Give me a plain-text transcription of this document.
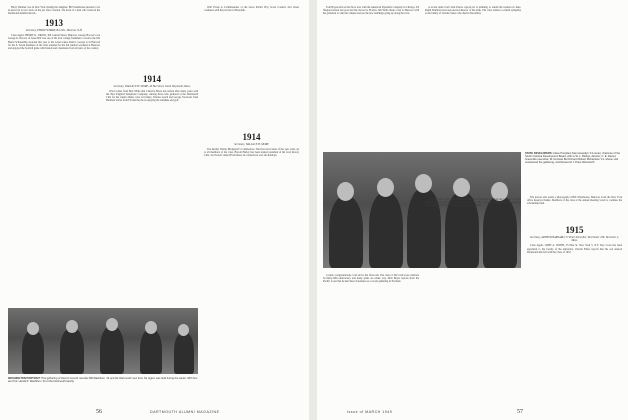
Harry Wantner was in New York visiting his daughter. Bill Waterhouse phoned to let us know he is now back on the job after vacation. We learn of a man who received the Dartmouth Alumni Award...

1913
Secretary, PHILIP WHARF, Box 601, Hanover, N.H.

Class Agent, HENRY K. URION, 300 Central Street, Hanover. George Hoover's son George K. Hoover of Jones Hill was one of the four college freshmen to receive the Jim Heard Scholarship awarded this year to the Great Lakes district. George is in Harvard for the X. Seven members of the class returned for the fall reunion weekend at Hanover and enjoyed the football game with friends and classmates from all parts of the country.

1914
Secretary, WALLACE H. MORE, 40 Bar Street, South Weymouth, Mass.

Word comes from Bert White that Clarence Bruce has retired after many years with the New England Telephone Company. Among those who gathered at the Dartmouth Club for the winter dinner were Al Gilkey, Charles Leach and George Swoboda. Paul Hartman writes from Florida that he is enjoying the sunshine and golf.

Walt Evans is Commissioner of the Great Pacific Boy Scout Council. Doc Kiser continues with his practice in Honolulu.

1914
Secretary, WALLACE H. MORE

The Reader Wallis, Bridgeport's Commodore. The first news letter of the year went out to all members of the class. Harold Harley has been named president of his local Rotary Club. Joe Everett visited Fred Moses in Connecticut over the holidays.

WASHINGTON PORTRAIT: This gathering of Alumni Council member Bill Washburn '14 and the Dartmouth men from his region was held during the winter. With him are Prof. Harold F. Washburn '10 of the Dartmouth faculty.
56	DARTMOUTH ALUMNI MAGAZINE

Tom Hayes tells us that he is now with the American Dyestuffs Company in Chicago. Ed Shepard retired last year and has moved to Florida. Jim Wells made a trip to Hanover with his grandson to visit the campus and see the new buildings going up along the river.

A recent letter from Sam Pearce reports he is planning to attend the reunion in June. Ralph Simmons has been elected director of his bank. The class wishes to extend sympathy to the family of Charles Vance who died in December.

STATE DEVELOPERS: Class President Stan Llewellyn '13 center, chairman of the South Carolina Development Board, with to W. L. Bishop, director; C. E. Daniel, Greenville executive; W. Dunstan Burchill and Robert Richardson '13, whose visit occasioned the gathering, and Reverend J. Drew Wentworth.

Corum. Congratulations, Carl and to the Unwoods. The class of 1913 will soon celebrate its thirty-fifth anniversary and many plans are under way. Dick Boyer reports from the Pacific Coast that he met three classmates at a recent gathering in Portland.

A recent letter from Sam Pearce reports he is planning to attend the reunion in June. Ralph Simmons has been elected director of his bank. The class wishes to extend sympathy to the family of Charles Vance who died in December.

The person who sends a photograph of Bill Waterhouse, Hanover, from the New York office deserves thanks. Members of the class at the annual meeting voted to continue the scholarship fund.

1915
Secretary, ARTHUR BARNARD, 57 Pearl Street Rd., Worchester 108, Worcester 2, Mass.

Class Agent, JOHN A. SMITH, 35 Pine St. New York 5, N.Y. Ray Cross has been appointed to the faculty of the university. Charlie Fuller reports that his son entered Dartmouth this fall with the Class of 1952.

Issue of MARCH 1949	57
